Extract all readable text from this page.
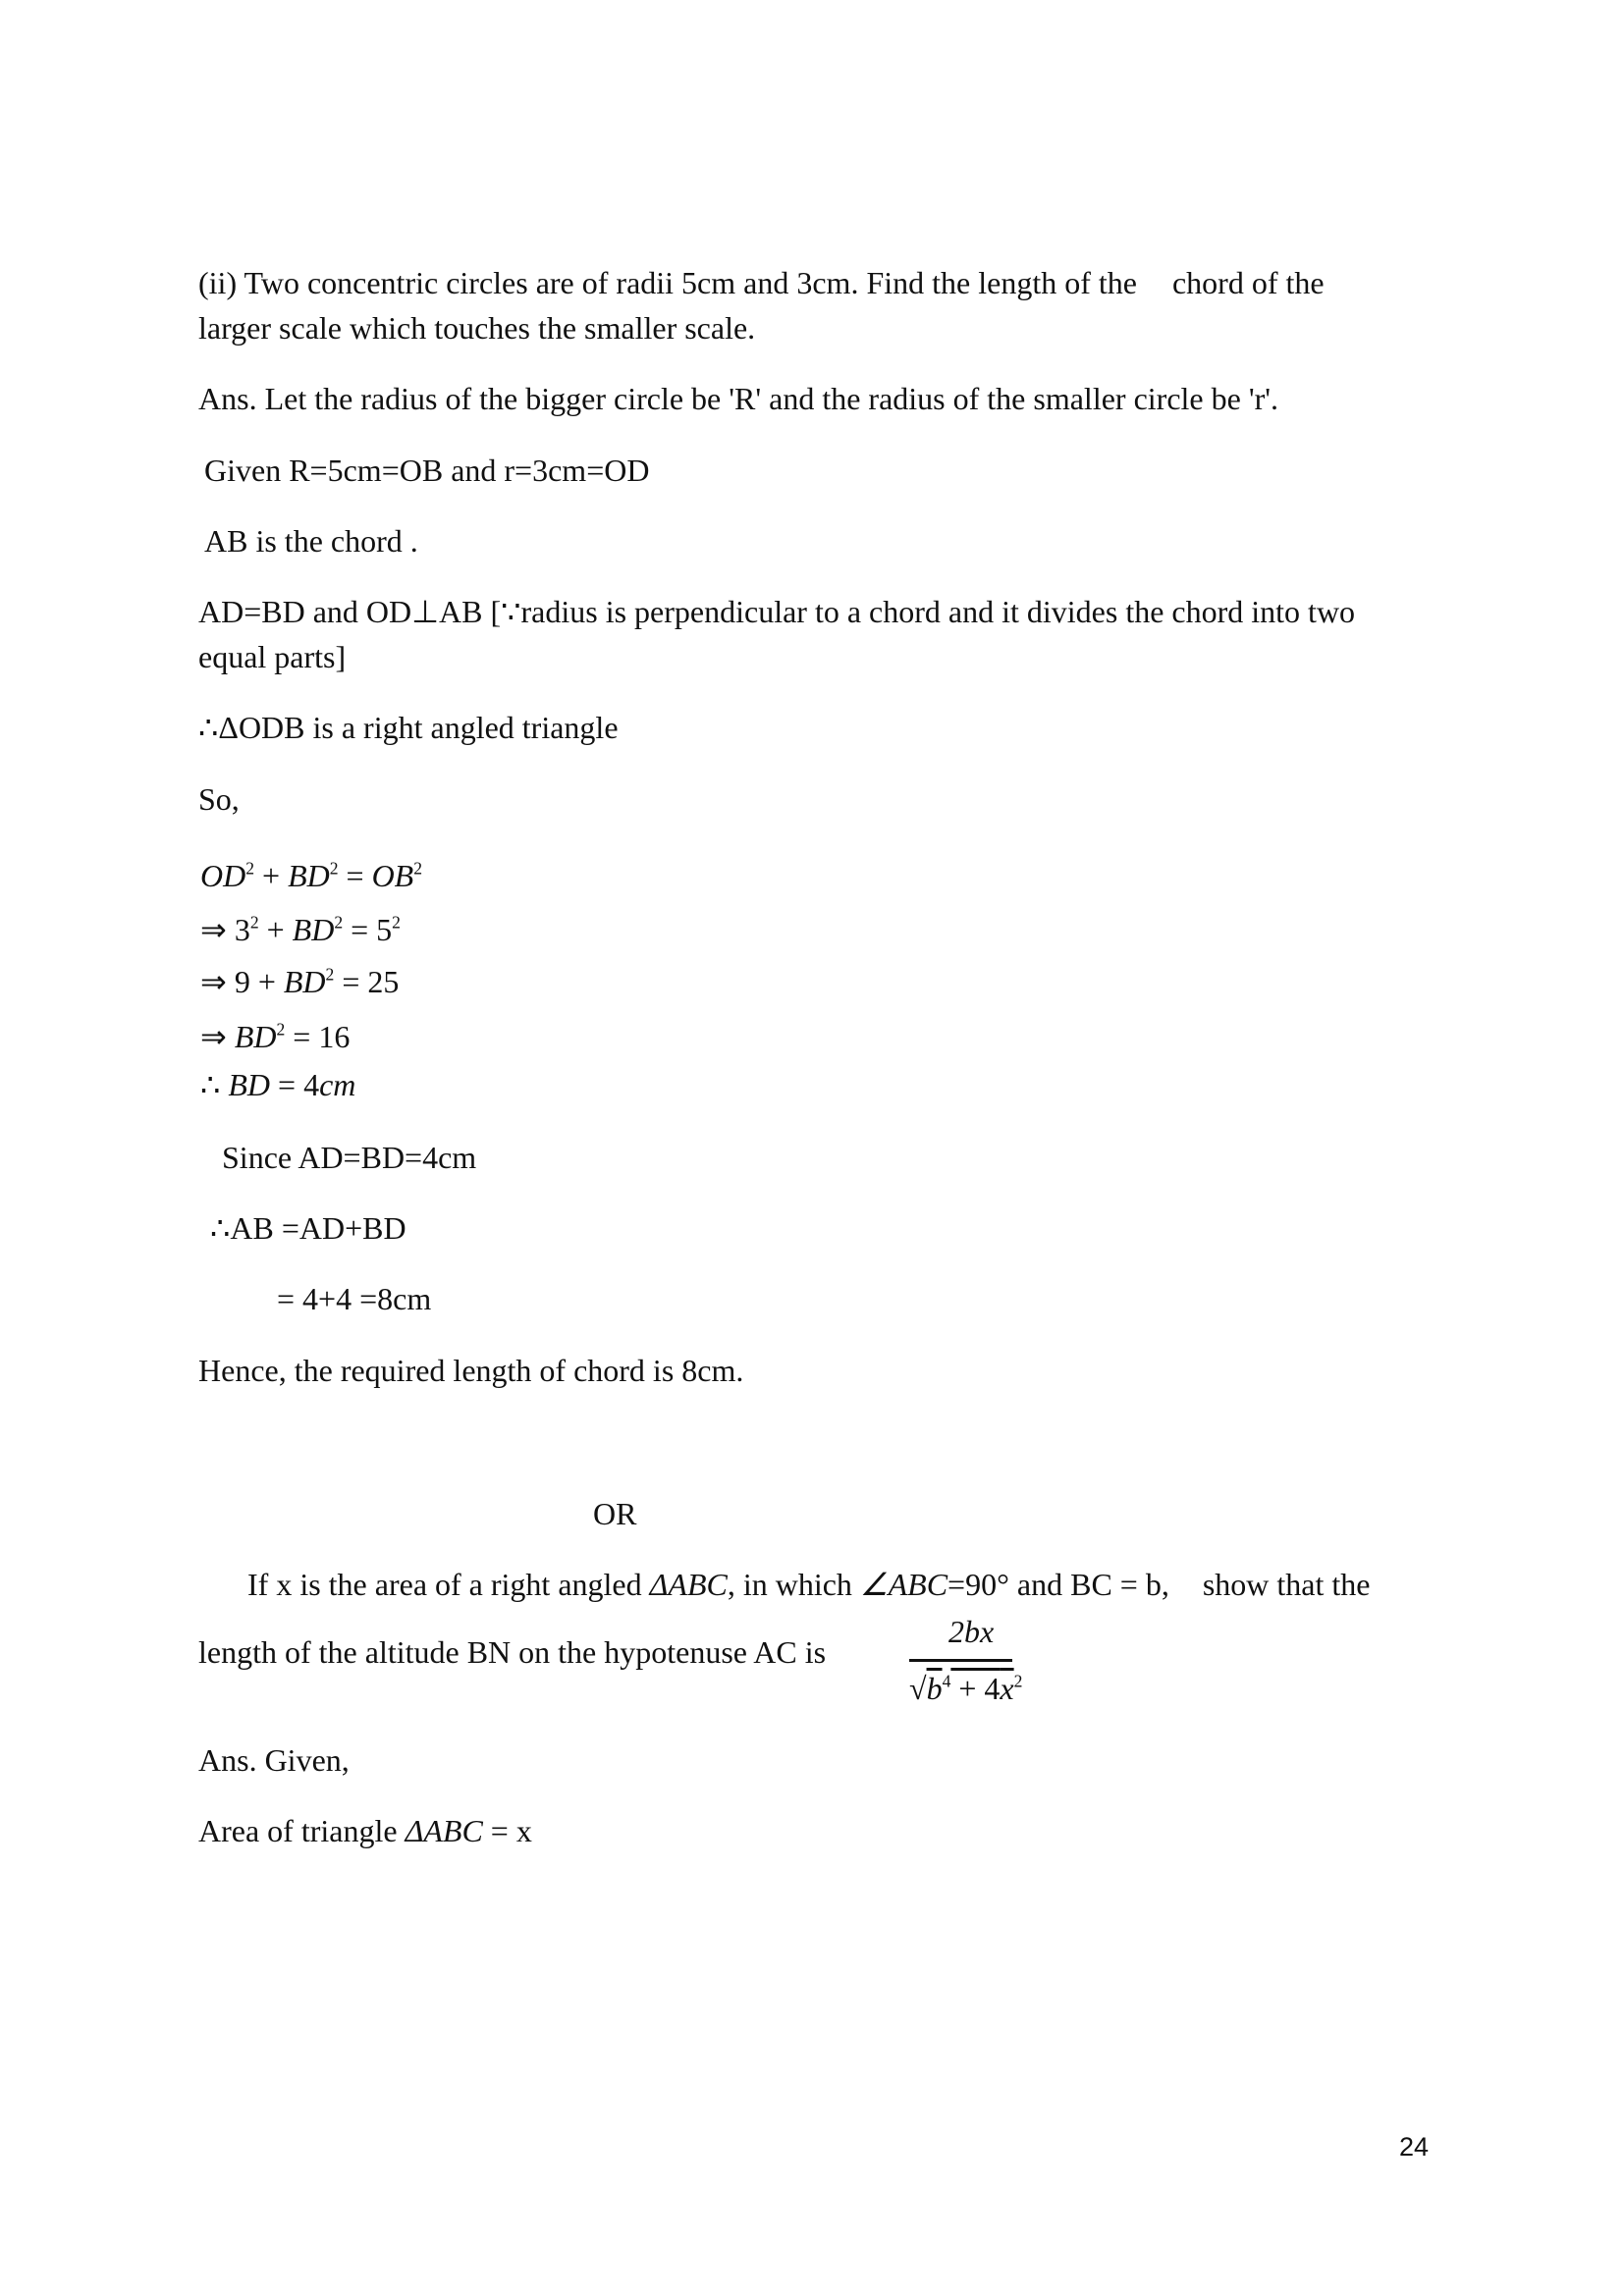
(ii) Two concentric circles are of radii 5cm and 3cm. Find the length of the chord of the
larger scale which touches the smaller scale.
Ans. Let the radius of the bigger circle be 'R' and the radius of the smaller circle be 'r'.
Given R=5cm=OB and r=3cm=OD
AB is the chord .
AD=BD and OD⊥AB [∵radius is perpendicular to a chord and it divides the chord into two
equal parts]
∴ΔODB is a right angled triangle
So,
$OD^2 + BD^2 = OB^2$
⇒ $3^2 + BD^2 = 5^2$
⇒ $9 + BD^2 = 25$
⇒ $BD^2 = 16$
∴ BD = 4cm
Since AD=BD=4cm
∴AB =AD+BD
= 4+4 =8cm
Hence, the required length of chord is 8cm.
OR
If x is the area of a right angled ΔABC, in which ∠ABC=90° and BC = b, show that the
length of the altitude BN on the hypotenuse AC is
2bx
$√b^4 + 4\overline{x}^2$
Ans. Given,
Area of triangle ΔABC = x
24
